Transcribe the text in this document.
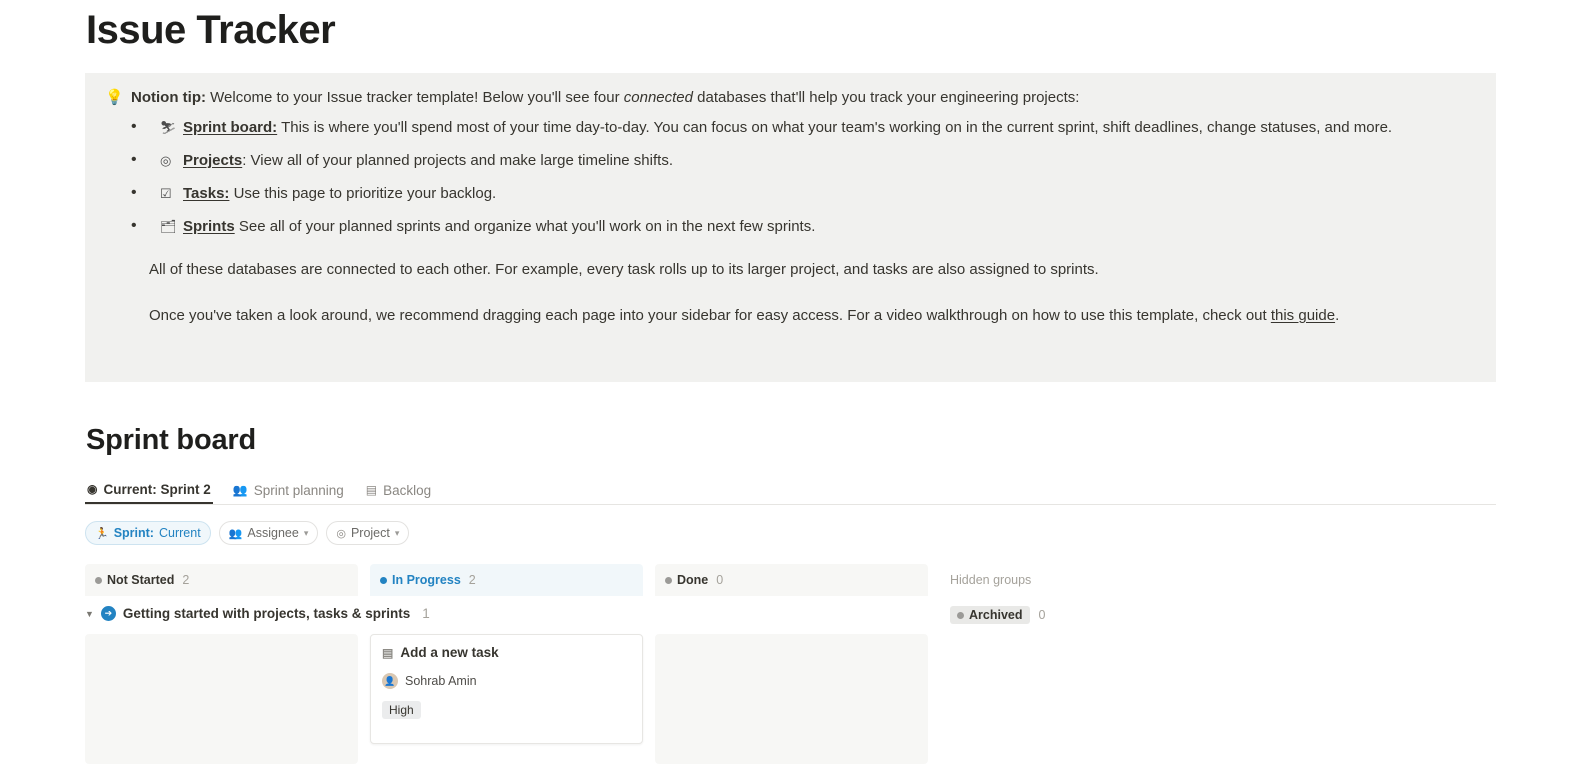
Issue Tracker
💡 Notion tip: Welcome to your Issue tracker template! Below you'll see four connected databases that'll help you track your engineering projects:
• ⛷ Sprint board: This is where you'll spend most of your time day-to-day. You can focus on what your team's working on in the current sprint, shift deadlines, change statuses, and more.
• ◎ Projects: View all of your planned projects and make large timeline shifts.
• ☑ Tasks: Use this page to prioritize your backlog.
• 🗂 Sprints See all of your planned sprints and organize what you'll work on in the next few sprints.
All of these databases are connected to each other. For example, every task rolls up to its larger project, and tasks are also assigned to sprints.
Once you've taken a look around, we recommend dragging each page into your sidebar for easy access. For a video walkthrough on how to use this template, check out this guide.
Sprint board
◉ Current: Sprint 2 👥 Sprint planning ▤ Backlog
🏃 Sprint: Current	👥 Assignee ▾	◎ Project ▾
Not Started 2	In Progress 2	Done 0	Hidden groups
Archived 0
▼	➔ Getting started with projects, tasks & sprints 1
▤ Add a new task
👤 Sohrab Amin
High
